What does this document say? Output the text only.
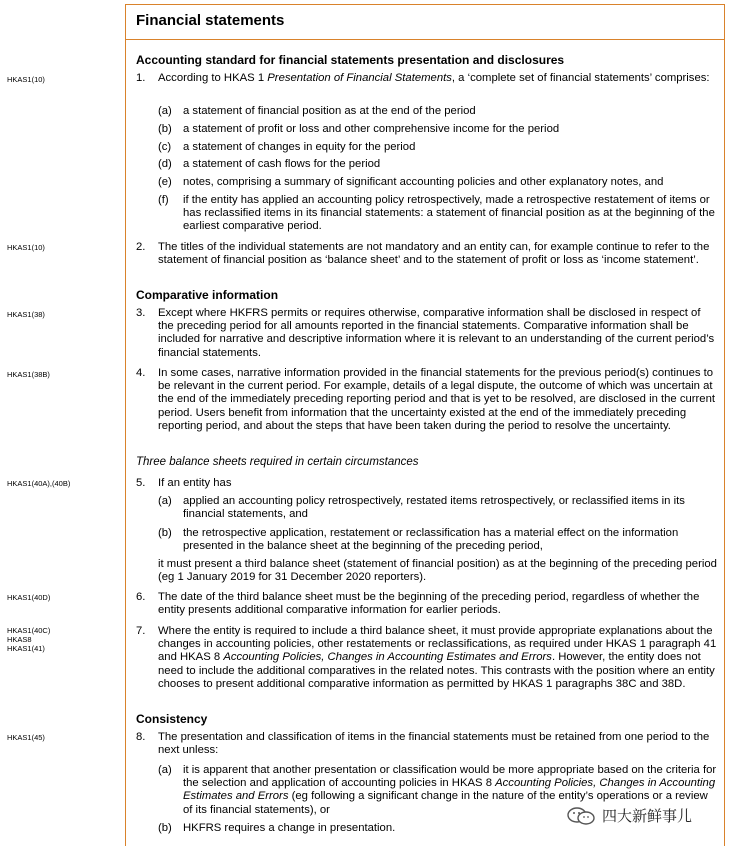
Financial statements
HKAS1(10)
HKAS1(10)
HKAS1(38)
HKAS1(38B)
HKAS1(40A),(40B)
HKAS1(40D)
HKAS1(40C)
HKAS8
HKAS1(41)
HKAS1(45)
Accounting standard for financial statements presentation and disclosures
1. According to HKAS 1 Presentation of Financial Statements, a ‘complete set of financial statements’ comprises:
(a) a statement of financial position as at the end of the period
(b) a statement of profit or loss and other comprehensive income for the period
(c) a statement of changes in equity for the period
(d) a statement of cash flows for the period
(e) notes, comprising a summary of significant accounting policies and other explanatory notes, and
(f) if the entity has applied an accounting policy retrospectively, made a retrospective restatement of items or has reclassified items in its financial statements: a statement of financial position as at the beginning of the earliest comparative period.
2. The titles of the individual statements are not mandatory and an entity can, for example continue to refer to the statement of financial position as ‘balance sheet’ and to the statement of profit or loss as ‘income statement’.
Comparative information
3. Except where HKFRS permits or requires otherwise, comparative information shall be disclosed in respect of the preceding period for all amounts reported in the financial statements. Comparative information shall be included for narrative and descriptive information where it is relevant to an understanding of the current period’s financial statements.
4. In some cases, narrative information provided in the financial statements for the previous period(s) continues to be relevant in the current period. For example, details of a legal dispute, the outcome of which was uncertain at the end of the immediately preceding reporting period and that is yet to be resolved, are disclosed in the current period. Users benefit from information that the uncertainty existed at the end of the immediately preceding reporting period, and about the steps that have been taken during the period to resolve the uncertainty.
Three balance sheets required in certain circumstances
5. If an entity has
(a) applied an accounting policy retrospectively, restated items retrospectively, or reclassified items in its financial statements, and
(b) the retrospective application, restatement or reclassification has a material effect on the information presented in the balance sheet at the beginning of the preceding period,
it must present a third balance sheet (statement of financial position) as at the beginning of the preceding period (eg 1 January 2019 for 31 December 2020 reporters).
6. The date of the third balance sheet must be the beginning of the preceding period, regardless of whether the entity presents additional comparative information for earlier periods.
7. Where the entity is required to include a third balance sheet, it must provide appropriate explanations about the changes in accounting policies, other restatements or reclassifications, as required under HKAS 1 paragraph 41 and HKAS 8 Accounting Policies, Changes in Accounting Estimates and Errors. However, the entity does not need to include the additional comparatives in the related notes. This contrasts with the position where an entity chooses to present additional comparative information as permitted by HKAS 1 paragraphs 38C and 38D.
Consistency
8. The presentation and classification of items in the financial statements must be retained from one period to the next unless:
(a) it is apparent that another presentation or classification would be more appropriate based on the criteria for the selection and application of accounting policies in HKAS 8 Accounting Policies, Changes in Accounting Estimates and Errors (eg following a significant change in the nature of the entity’s operations or a review of its financial statements), or
(b) HKFRS requires a change in presentation.
四大新鲜事儿
